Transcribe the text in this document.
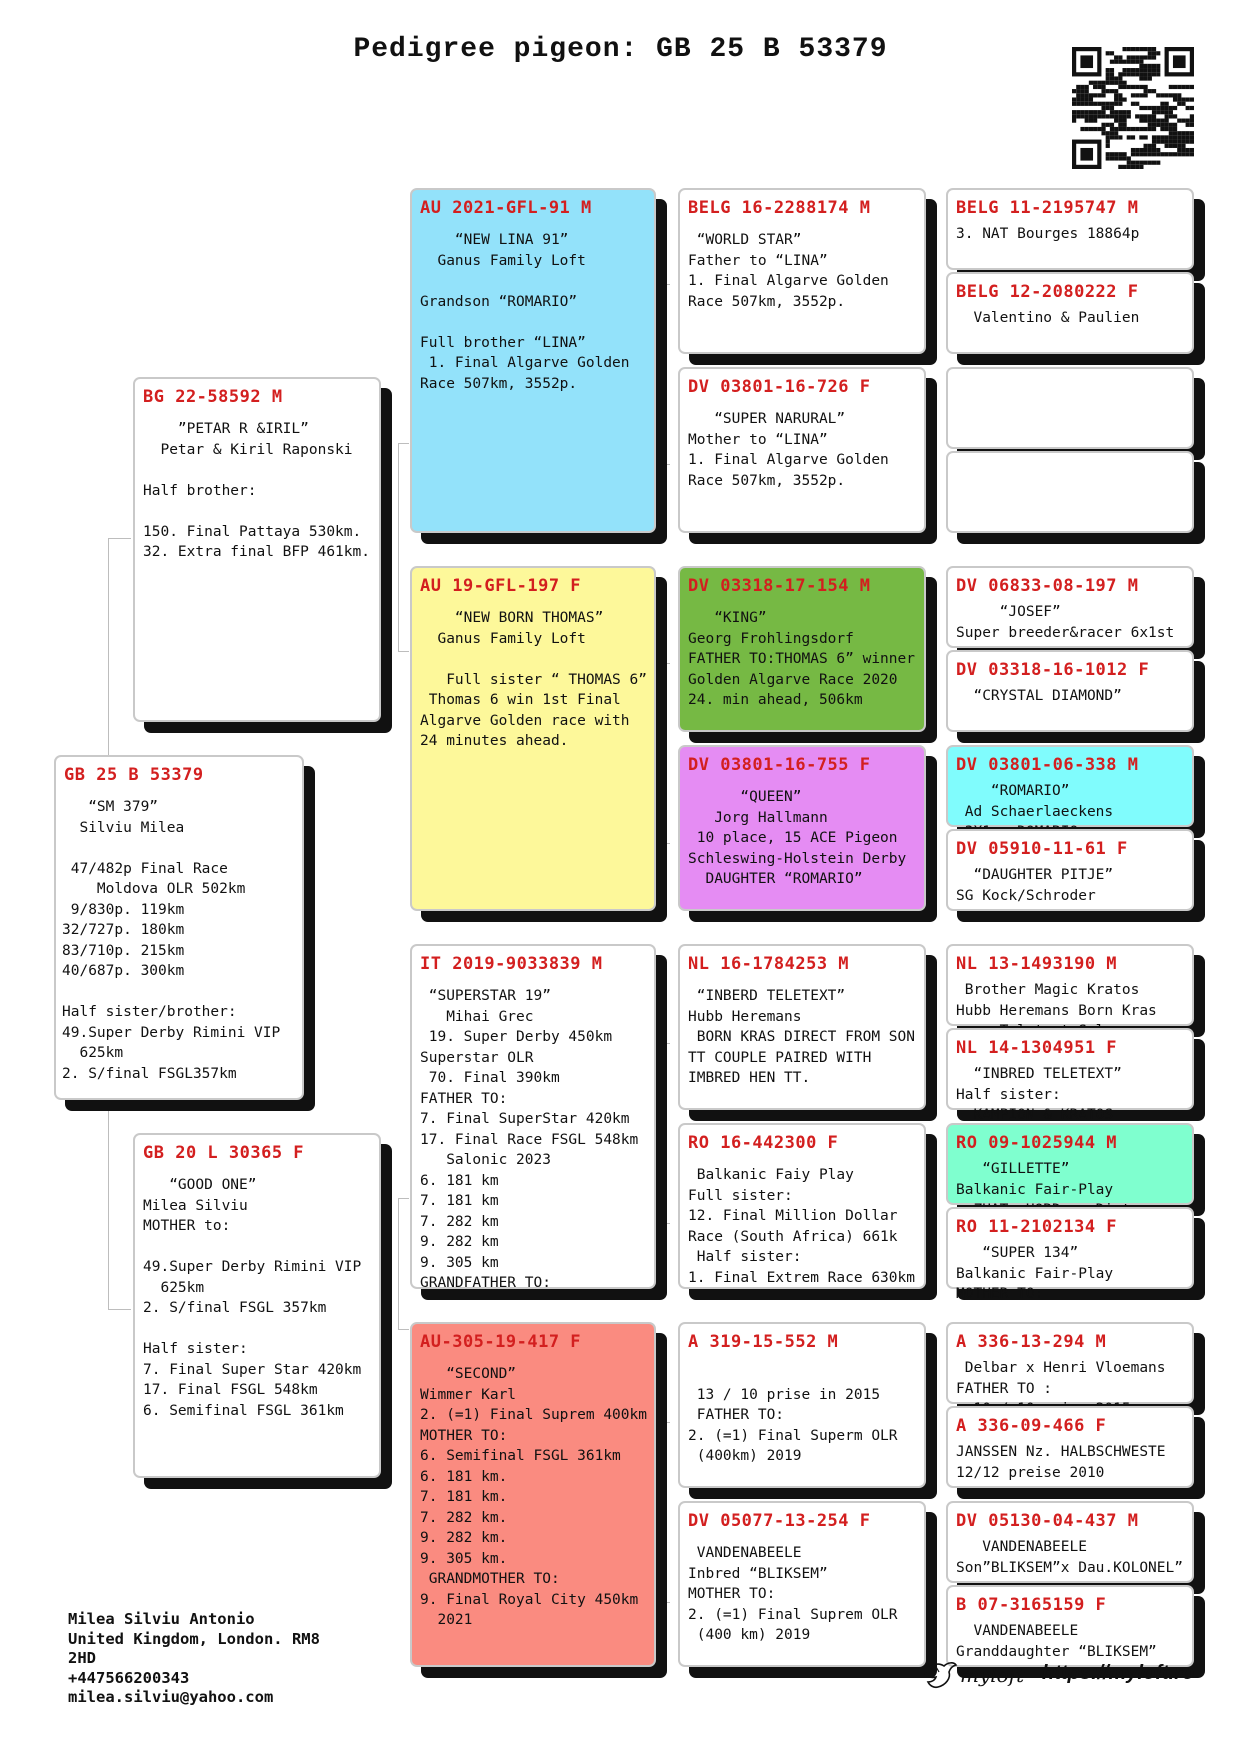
Pedigree pigeon: GB 25 B 53379
GB 25 B 53379
“SM 379”
Silviu Milea

47/482p Final Race
Moldova OLR 502km
9/830p. 119km
32/727p. 180km
83/710p. 215km
40/687p. 300km

Half sister/brother:
49.Super Derby Rimini VIP
625km
2. S/final FSGL357km
BG 22-58592 M
”PETAR R &IRIL”
Petar & Kiril Raponski

Half brother:

150. Final Pattaya 530km.
32. Extra final BFP 461km.
GB 20 L 30365 F
“GOOD ONE”
Milea Silviu
MOTHER to:

49.Super Derby Rimini VIP
625km
2. S/final FSGL 357km

Half sister:
7. Final Super Star 420km
17. Final FSGL 548km
6. Semifinal FSGL 361km
AU 2021-GFL-91 M
“NEW LINA 91”
Ganus Family Loft

Grandson “ROMARIO”

Full brother “LINA”
1. Final Algarve Golden
Race 507km, 3552p.
AU 19-GFL-197 F
“NEW BORN THOMAS”
Ganus Family Loft

Full sister “ THOMAS 6”
Thomas 6 win 1st Final
Algarve Golden race with
24 minutes ahead.
IT 2019-9033839 M
“SUPERSTAR 19”
Mihai Grec
19. Super Derby 450km
Superstar OLR
70. Final 390km
FATHER TO:
7. Final SuperStar 420km
17. Final Race FSGL 548km
Salonic 2023
6. 181 km
7. 181 km
7. 282 km
9. 282 km
9. 305 km
GRANDFATHER TO:
AU-305-19-417 F
“SECOND”
Wimmer Karl
2. (=1) Final Suprem 400km
MOTHER TO:
6. Semifinal FSGL 361km
6. 181 km.
7. 181 km.
7. 282 km.
9. 282 km.
9. 305 km.
GRANDMOTHER TO:
9. Final Royal City 450km
2021
BELG 16-2288174 M
“WORLD STAR”
Father to “LINA”
1. Final Algarve Golden
Race 507km, 3552p.
DV 03801-16-726 F
“SUPER NARURAL”
Mother to “LINA”
1. Final Algarve Golden
Race 507km, 3552p.
DV 03318-17-154 M
“KING”
Georg Frohlingsdorf
FATHER TO:THOMAS 6” winner
Golden Algarve Race 2020
24. min ahead, 506km
DV 03801-16-755 F
“QUEEN”
Jorg Hallmann
10 place, 15 ACE Pigeon
Schleswing-Holstein Derby
DAUGHTER “ROMARIO”
NL 16-1784253 M
“INBERD TELETEXT”
Hubb Heremans
BORN KRAS DIRECT FROM SON
TT COUPLE PAIRED WITH
IMBRED HEN TT.
RO 16-442300 F
Balkanic Faiy Play
Full sister:
12. Final Million Dollar
Race (South Africa) 661k
Half sister:
1. Final Extrem Race 630km
A 319-15-552 M

13 / 10 prise in 2015
FATHER TO:
2. (=1) Final Superm OLR
(400km) 2019
DV 05077-13-254 F
VANDENABEELE
Inbred “BLIKSEM”
MOTHER TO:
2. (=1) Final Suprem OLR
(400 km) 2019
BELG 11-2195747 M
3. NAT Bourges 18864p
BELG 12-2080222 F
Valentino & Paulien
DV 06833-08-197 M
“JOSEF”
Super breeder&racer 6x1st
DV 03318-16-1012 F
“CRYSTAL DIAMOND”
DV 03801-06-338 M
“ROMARIO”
Ad Schaerlaeckens

DV 05910-11-61 F
“DAUGHTER PITJE”
SG Kock/Schroder
NL 13-1493190 M
Brother Magic Kratos
Hubb Heremans Born Kras

NL 14-1304951 F
“INBRED TELETEXT”
Half sister:
KAMPION & KRATOS
RO 09-1025944 M
“GILLETTE”
Balkanic Fair-Play

RO 11-2102134 F
“SUPER 134”
Balkanic Fair-Play
MOTHER TO:
A 336-13-294 M
Delbar x Henri Vloemans
FATHER TO :

A 336-09-466 F
JANSSEN Nz. HALBSCHWESTE
12/12 preise 2010
DV 05130-04-437 M
VANDENABEELE
Son”BLIKSEM”x Dau.KOLONEL”
B 07-3165159 F
VANDENABEELE
Granddaughter “BLIKSEM”
Milea Silviu Antonio
United Kingdom, London. RM8
2HD
+447566200343
milea.silviu@yahoo.com
myloft https://myloft.ro
